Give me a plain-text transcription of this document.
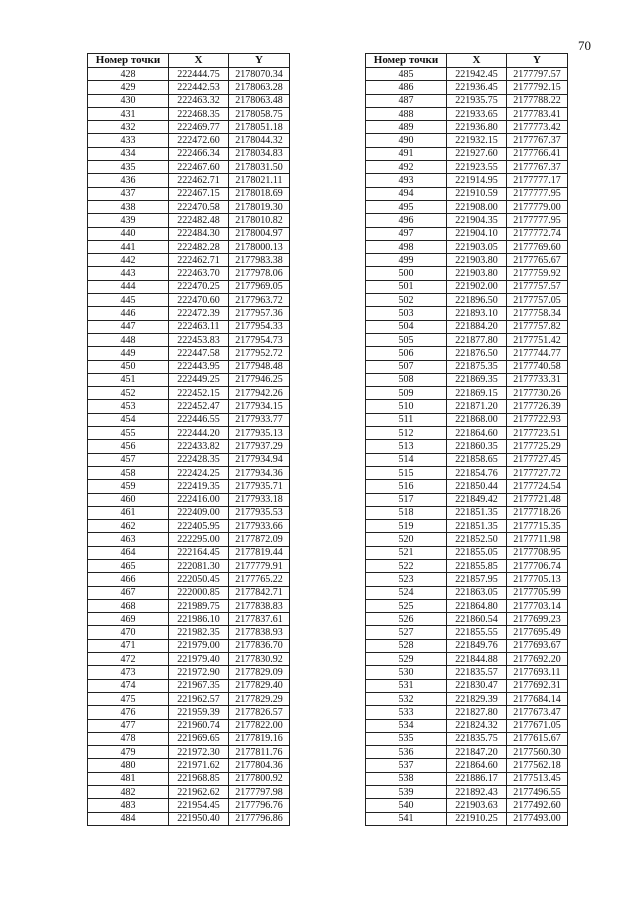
70
Номер точки	X	Y
428	222444.75	2178070.34
429	222442.53	2178063.28
430	222463.32	2178063.48
431	222468.35	2178058.75
432	222469.77	2178051.18
433	222472.60	2178044.32
434	222466.34	2178034.83
435	222467.60	2178031.50
436	222462.71	2178021.11
437	222467.15	2178018.69
438	222470.58	2178019.30
439	222482.48	2178010.82
440	222484.30	2178004.97
441	222482.28	2178000.13
442	222462.71	2177983.38
443	222463.70	2177978.06
444	222470.25	2177969.05
445	222470.60	2177963.72
446	222472.39	2177957.36
447	222463.11	2177954.33
448	222453.83	2177954.73
449	222447.58	2177952.72
450	222443.95	2177948.48
451	222449.25	2177946.25
452	222452.15	2177942.26
453	222452.47	2177934.15
454	222446.55	2177933.77
455	222444.20	2177935.13
456	222433.82	2177937.29
457	222428.35	2177934.94
458	222424.25	2177934.36
459	222419.35	2177935.71
460	222416.00	2177933.18
461	222409.00	2177935.53
462	222405.95	2177933.66
463	222295.00	2177872.09
464	222164.45	2177819.44
465	222081.30	2177779.91
466	222050.45	2177765.22
467	222000.85	2177842.71
468	221989.75	2177838.83
469	221986.10	2177837.61
470	221982.35	2177838.93
471	221979.00	2177836.70
472	221979.40	2177830.92
473	221972.90	2177829.09
474	221967.35	2177829.40
475	221962.57	2177829.29
476	221959.39	2177826.57
477	221960.74	2177822.00
478	221969.65	2177819.16
479	221972.30	2177811.76
480	221971.62	2177804.36
481	221968.85	2177800.92
482	221962.62	2177797.98
483	221954.45	2177796.76
484	221950.40	2177796.86
Номер точки	X	Y
485	221942.45	2177797.57
486	221936.45	2177792.15
487	221935.75	2177788.22
488	221933.65	2177783.41
489	221936.80	2177773.42
490	221932.15	2177767.37
491	221927.60	2177766.41
492	221923.55	2177767.37
493	221914.95	2177777.17
494	221910.59	2177777.95
495	221908.00	2177779.00
496	221904.35	2177777.95
497	221904.10	2177772.74
498	221903.05	2177769.60
499	221903.80	2177765.67
500	221903.80	2177759.92
501	221902.00	2177757.57
502	221896.50	2177757.05
503	221893.10	2177758.34
504	221884.20	2177757.82
505	221877.80	2177751.42
506	221876.50	2177744.77
507	221875.35	2177740.58
508	221869.35	2177733.31
509	221869.15	2177730.26
510	221871.20	2177726.39
511	221868.00	2177722.93
512	221864.60	2177723.51
513	221860.35	2177725.29
514	221858.65	2177727.45
515	221854.76	2177727.72
516	221850.44	2177724.54
517	221849.42	2177721.48
518	221851.35	2177718.26
519	221851.35	2177715.35
520	221852.50	2177711.98
521	221855.05	2177708.95
522	221855.85	2177706.74
523	221857.95	2177705.13
524	221863.05	2177705.99
525	221864.80	2177703.14
526	221860.54	2177699.23
527	221855.55	2177695.49
528	221849.76	2177693.67
529	221844.88	2177692.20
530	221835.57	2177693.11
531	221830.47	2177692.31
532	221829.39	2177684.14
533	221827.80	2177673.47
534	221824.32	2177671.05
535	221835.75	2177615.67
536	221847.20	2177560.30
537	221864.60	2177562.18
538	221886.17	2177513.45
539	221892.43	2177496.55
540	221903.63	2177492.60
541	221910.25	2177493.00
